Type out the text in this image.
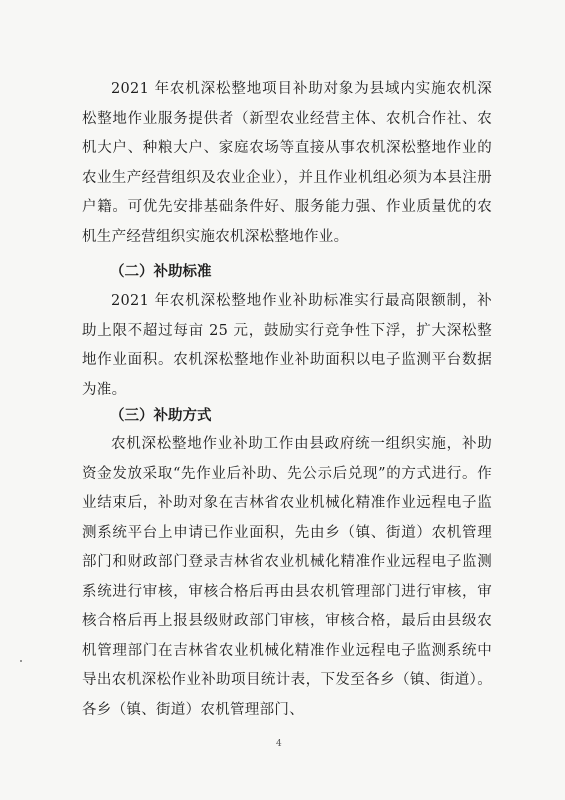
2021 年农机深松整地项目补助对象为县域内实施农机深松整地作业服务提供者（新型农业经营主体、农机合作社、农机大户、种粮大户、家庭农场等直接从事农机深松整地作业的农业生产经营组织及农业企业），并且作业机组必须为本县注册户籍。可优先安排基础条件好、服务能力强、作业质量优的农机生产经营组织实施农机深松整地作业。

（二）补助标准

2021 年农机深松整地作业补助标准实行最高限额制，补助上限不超过每亩 25 元，鼓励实行竞争性下浮，扩大深松整地作业面积。农机深松整地作业补助面积以电子监测平台数据为准。

（三）补助方式

农机深松整地作业补助工作由县政府统一组织实施，补助资金发放采取“先作业后补助、先公示后兑现”的方式进行。作业结束后，补助对象在吉林省农业机械化精准作业远程电子监测系统平台上申请已作业面积，先由乡（镇、街道）农机管理部门和财政部门登录吉林省农业机械化精准作业远程电子监测系统进行审核，审核合格后再由县农机管理部门进行审核，审核合格后再上报县级财政部门审核，审核合格，最后由县级农机管理部门在吉林省农业机械化精准作业远程电子监测系统中导出农机深松作业补助项目统计表，下发至各乡（镇、街道）。各乡（镇、街道）农机管理部门、

4
